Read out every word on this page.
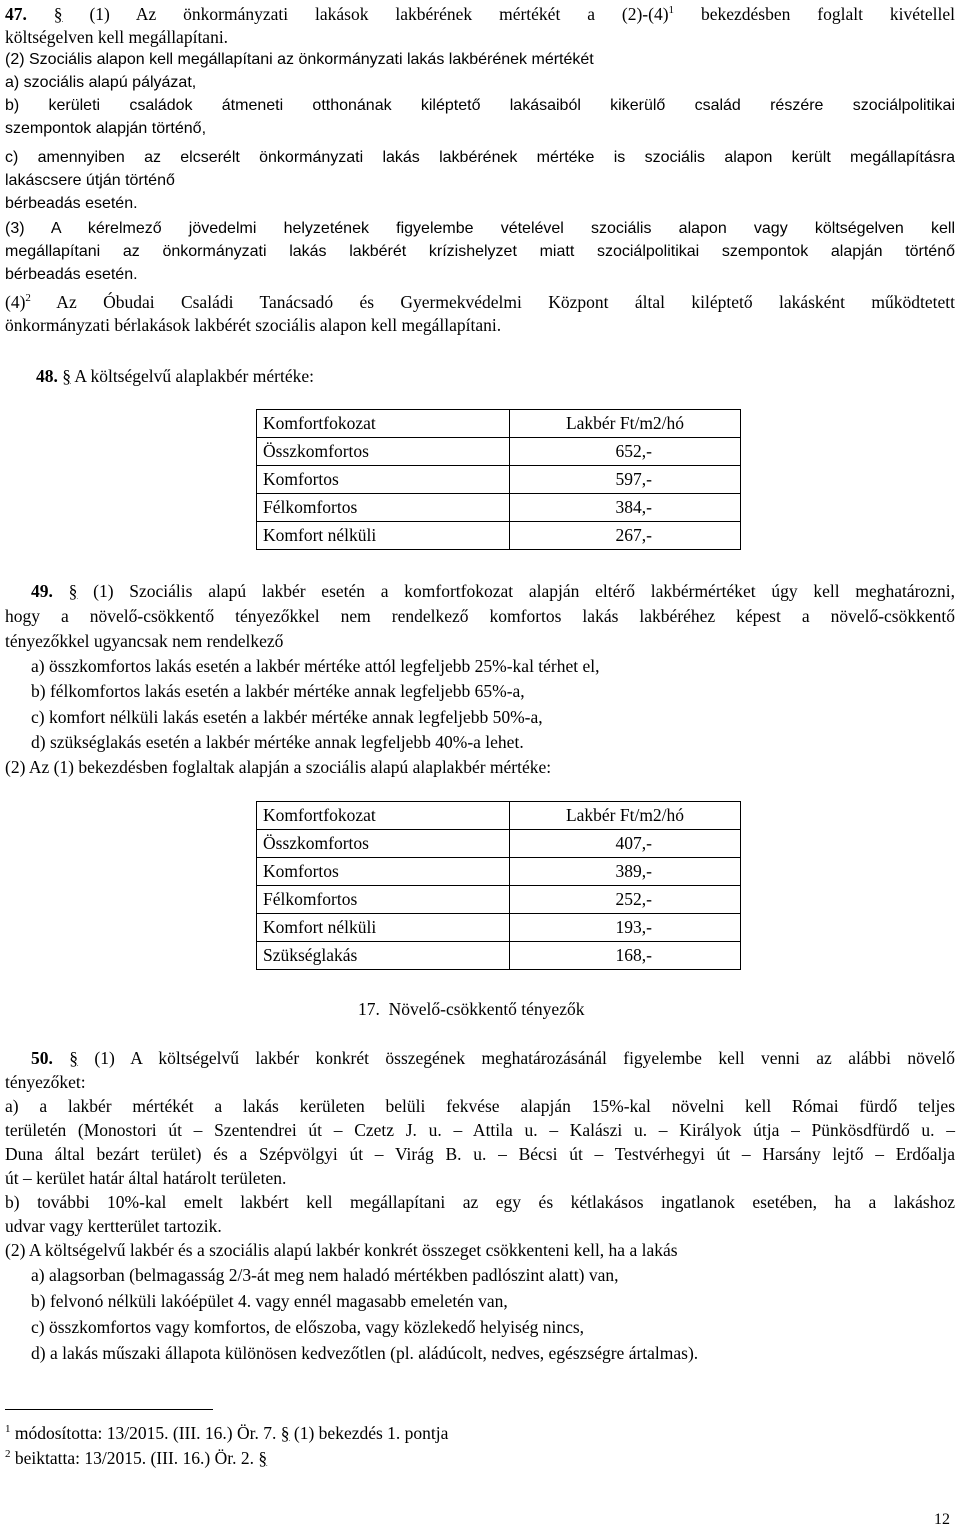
47. § (1) Az önkormányzati lakások lakbérének mértékét a $(2)-(4)^1$ bekezdésben foglalt kivétellel
költségelven kell megállapítani.
(2) Szociális alapon kell megállapítani az önkormányzati lakás lakbérének mértékét
a) szociális alapú pályázat,
b) kerületi családok átmeneti otthonának kiléptető lakásaiból kikerülő család részére szociálpolitikai
szempontok alapján történő,
c) amennyiben az elcserélt önkormányzati lakás lakbérének mértéke is szociális alapon került megállapításra
lakáscsere útján történő
bérbeadás esetén.
(3) A kérelmező jövedelmi helyzetének figyelembe vételével szociális alapon vagy költségelven kell
megállapítani az önkormányzati lakás lakbérét krízishelyzet miatt szociálpolitikai szempontok alapján történő
bérbeadás esetén.
$(4)^2$ Az Óbudai Családi Tanácsadó és Gyermekvédelmi Központ által kiléptető lakásként működtetett
önkormányzati bérlakások lakbérét szociális alapon kell megállapítani.
48. § A költségelvű alaplakbér mértéke:
Komfortfokozat	Lakbér Ft/m2/hó
Összkomfortos	652,-
Komfortos	597,-
Félkomfortos	384,-
Komfort nélküli	267,-
49. § (1) Szociális alapú lakbér esetén a komfortfokozat alapján eltérő lakbérmértéket úgy kell meghatározni,
hogy a növelő-csökkentő tényezőkkel nem rendelkező komfortos lakás lakbéréhez képest a növelő-csökkentő
tényezőkkel ugyancsak nem rendelkező
a) összkomfortos lakás esetén a lakbér mértéke attól legfeljebb 25%-kal térhet el,
b) félkomfortos lakás esetén a lakbér mértéke annak legfeljebb 65%-a,
c) komfort nélküli lakás esetén a lakbér mértéke annak legfeljebb 50%-a,
d) szükséglakás esetén a lakbér mértéke annak legfeljebb 40%-a lehet.
(2) Az (1) bekezdésben foglaltak alapján a szociális alapú alaplakbér mértéke:
Komfortfokozat	Lakbér Ft/m2/hó
Összkomfortos	407,-
Komfortos	389,-
Félkomfortos	252,-
Komfort nélküli	193,-
Szükséglakás	168,-
17.  Növelő-csökkentő tényezők
50. § (1) A költségelvű lakbér konkrét összegének meghatározásánál figyelembe kell venni az alábbi növelő
tényezőket:
a) a lakbér mértékét a lakás kerületen belüli fekvése alapján 15%-kal növelni kell Római fürdő teljes
területén (Monostori út – Szentendrei út – Czetz J. u. – Attila u. – Kalászi u. – Királyok útja – Pünkösdfürdő u. –
Duna által bezárt terület) és a Szépvölgyi út – Virág B. u. – Bécsi út – Testvérhegyi út – Harsány lejtő – Erdőalja
út – kerület határ által határolt területen.
b) további 10%-kal emelt lakbért kell megállapítani az egy és kétlakásos ingatlanok esetében, ha a lakáshoz
udvar vagy kertterület tartozik.
(2) A költségelvű lakbér és a szociális alapú lakbér konkrét összeget csökkenteni kell, ha a lakás
a) alagsorban (belmagasság 2/3-át meg nem haladó mértékben padlószint alatt) van,
b) felvonó nélküli lakóépület 4. vagy ennél magasabb emeletén van,
c) összkomfortos vagy komfortos, de előszoba, vagy közlekedő helyiség nincs,
d) a lakás műszaki állapota különösen kedvezőtlen (pl. aládúcolt, nedves, egészségre ártalmas).
$^1$ módosította: 13/2015. (III. 16.) Ör. 7. § (1) bekezdés 1. pontja
$^2$ beiktatta: 13/2015. (III. 16.) Ör. 2. §
12
